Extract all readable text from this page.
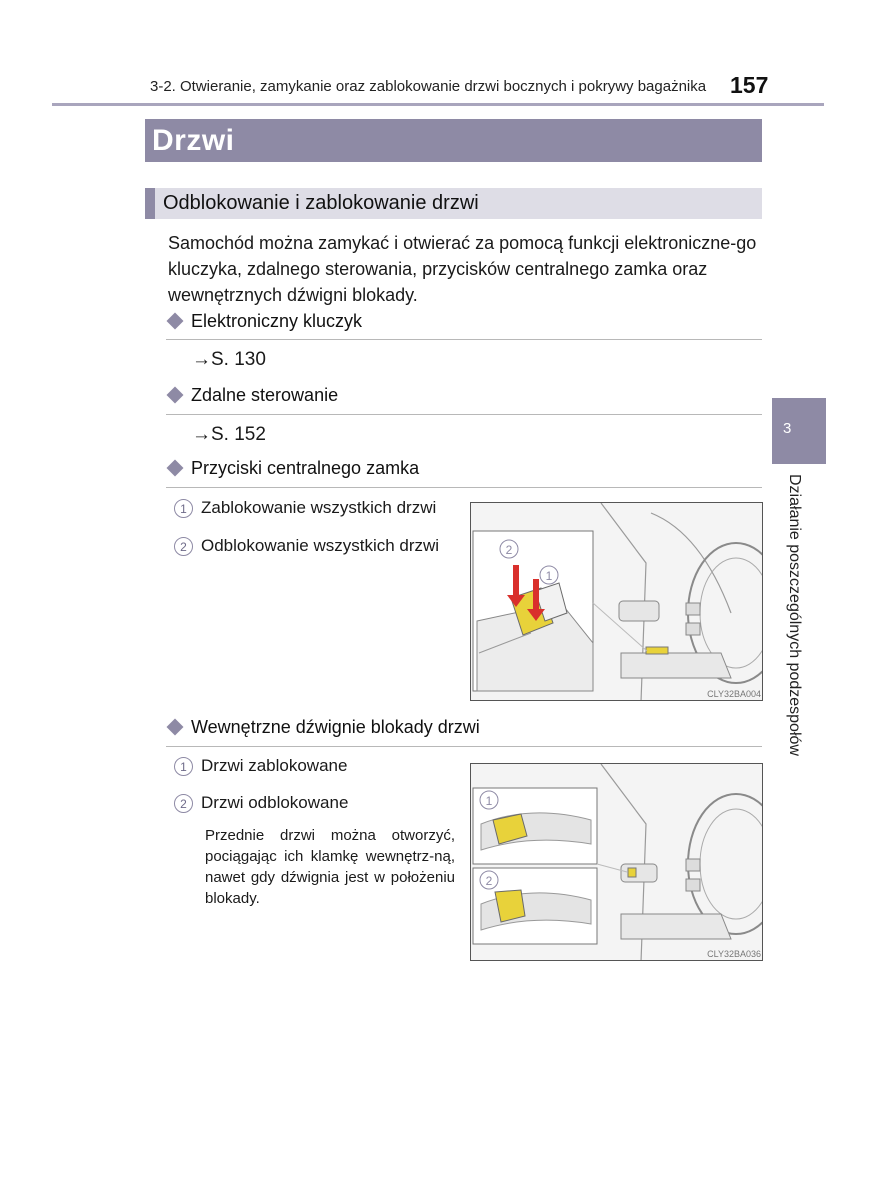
3-2. Otwieranie, zamykanie oraz zablokowanie drzwi bocznych i pokrywy bagażnika 157
Drzwi
Odblokowanie i zablokowanie drzwi

Samochód można zamykać i otwierać za pomocą funkcji elektroniczne-go kluczyka, zdalnego sterowania, przycisków centralnego zamka oraz wewnętrznych dźwigni blokady.

Elektroniczny kluczyk
→S. 130
Zdalne sterowanie
→S. 152
Przyciski centralnego zamka
1 Zablokowanie wszystkich drzwi
2 Odblokowanie wszystkich drzwi	2
1
CLY32BA004
Wewnętrzne dźwignie blokady drzwi
1 Drzwi zablokowane
2 Drzwi odblokowane

Przednie drzwi można otworzyć, pociągając ich klamkę wewnętrz-ną, nawet gdy dźwignia jest w położeniu blokady.

1
2
CLY32BA036
3
Działanie poszczególnych podzespołów
